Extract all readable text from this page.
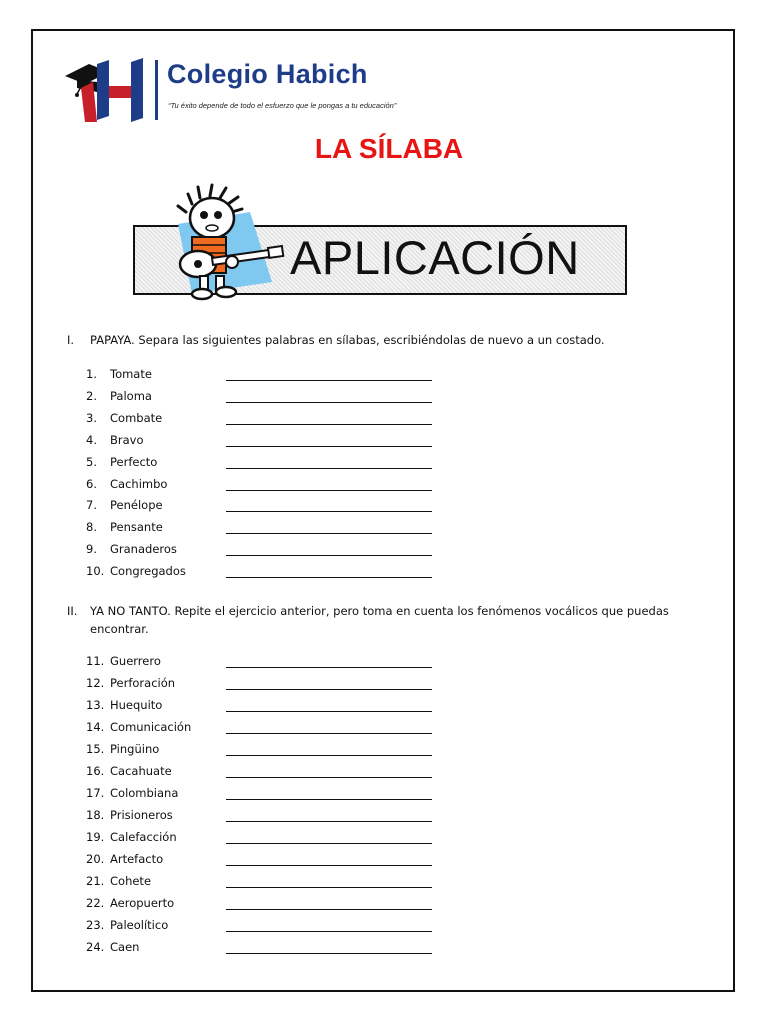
Colegio Habich
“Tu éxito depende de todo el esfuerzo que le pongas a tu educación”
LA SÍLABA
APLICACIÓN
I. PAPAYA. Separa las siguientes palabras en sílabas, escribiéndolas de nuevo a un costado.
1.	Tomate
2.	Paloma
3.	Combate
4.	Bravo
5.	Perfecto
6.	Cachimbo
7.	Penélope
8.	Pensante
9.	Granaderos
10. Congregados
II. YA NO TANTO. Repite el ejercicio anterior, pero toma en cuenta los fenómenos vocálicos que puedas
encontrar.
11. Guerrero
12. Perforación
13. Huequito
14. Comunicación
15. Pingüino
16. Cacahuate
17. Colombiana
18. Prisioneros
19. Calefacción
20. Artefacto
21. Cohete
22. Aeropuerto
23. Paleolítico
24. Caen
